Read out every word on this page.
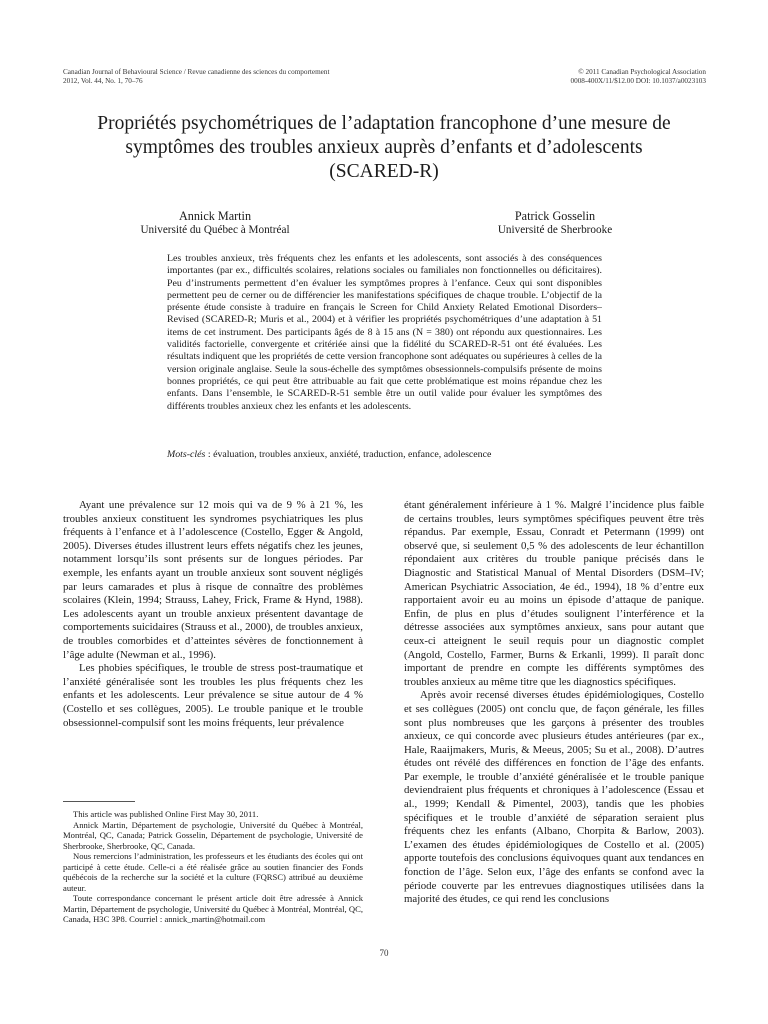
Canadian Journal of Behavioural Science / Revue canadienne des sciences du comportement
2012, Vol. 44, No. 1, 70–76
© 2011 Canadian Psychological Association
0008-400X/11/$12.00 DOI: 10.1037/a0023103
Propriétés psychométriques de l’adaptation francophone d’une mesure de
symptômes des troubles anxieux auprès d’enfants et d’adolescents
(SCARED-R)
Annick Martin
Université du Québec à Montréal
Patrick Gosselin
Université de Sherbrooke
Les troubles anxieux, très fréquents chez les enfants et les adolescents, sont associés à des conséquences importantes (par ex., difficultés scolaires, relations sociales ou familiales non fonctionnelles ou déficitaires). Peu d’instruments permettent d’en évaluer les symptômes propres à l’enfance. Ceux qui sont disponibles permettent peu de cerner ou de différencier les manifestations spécifiques de chaque trouble. L’objectif de la présente étude consiste à traduire en français le Screen for Child Anxiety Related Emotional Disorders–Revised (SCARED-R; Muris et al., 2004) et à vérifier les propriétés psychométriques d’une adaptation à 51 items de cet instrument. Des participants âgés de 8 à 15 ans (N = 380) ont répondu aux questionnaires. Les validités factorielle, convergente et critériée ainsi que la fidélité du SCARED-R-51 ont été évaluées. Les résultats indiquent que les propriétés de cette version francophone sont adéquates ou supérieures à celles de la version originale anglaise. Seule la sous-échelle des symptômes obsessionnels-compulsifs présente de moins bonnes propriétés, ce qui peut être attribuable au fait que cette problématique est moins répandue chez les enfants. Dans l’ensemble, le SCARED-R-51 semble être un outil valide pour évaluer les symptômes des différents troubles anxieux chez les enfants et les adolescents.
Mots-clés : évaluation, troubles anxieux, anxiété, traduction, enfance, adolescence

Ayant une prévalence sur 12 mois qui va de 9 % à 21 %, les troubles anxieux constituent les syndromes psychiatriques les plus fréquents à l’enfance et à l’adolescence (Costello, Egger & Angold, 2005). Diverses études illustrent leurs effets négatifs chez les jeunes, notamment lorsqu’ils sont présents sur de longues périodes. Par exemple, les enfants ayant un trouble anxieux sont souvent négligés par leurs camarades et plus à risque de connaître des problèmes scolaires (Klein, 1994; Strauss, Lahey, Frick, Frame & Hynd, 1988). Les adolescents ayant un trouble anxieux présentent davantage de comportements suicidaires (Strauss et al., 2000), de troubles anxieux, de troubles comorbides et d’atteintes sévères de fonctionnement à l’âge adulte (Newman et al., 1996).

Les phobies spécifiques, le trouble de stress post-traumatique et l’anxiété généralisée sont les troubles les plus fréquents chez les enfants et les adolescents. Leur prévalence se situe autour de 4 % (Costello et ses collègues, 2005). Le trouble panique et le trouble obsessionnel-compulsif sont les moins fréquents, leur prévalence

étant généralement inférieure à 1 %. Malgré l’incidence plus faible de certains troubles, leurs symptômes spécifiques peuvent être très répandus. Par exemple, Essau, Conradt et Petermann (1999) ont observé que, si seulement 0,5 % des adolescents de leur échantillon répondaient aux critères du trouble panique précisés dans le Diagnostic and Statistical Manual of Mental Disorders (DSM–IV; American Psychiatric Association, 4e éd., 1994), 18 % d’entre eux rapportaient avoir eu au moins un épisode d’attaque de panique. Enfin, de plus en plus d’études soulignent l’interférence et la détresse associées aux symptômes anxieux, sans pour autant que ceux-ci atteignent le seuil requis pour un diagnostic complet (Angold, Costello, Farmer, Burns & Erkanli, 1999). Il paraît donc important de prendre en compte les différents symptômes des troubles anxieux au même titre que les diagnostics spécifiques.

Après avoir recensé diverses études épidémiologiques, Costello et ses collègues (2005) ont conclu que, de façon générale, les filles sont plus nombreuses que les garçons à présenter des troubles anxieux, ce qui concorde avec plusieurs études antérieures (par ex., Hale, Raaijmakers, Muris, & Meeus, 2005; Su et al., 2008). D’autres études ont révélé des différences en fonction de l’âge des enfants. Par exemple, le trouble d’anxiété généralisée et le trouble panique deviendraient plus fréquents et chroniques à l’adolescence (Essau et al., 1999; Kendall & Pimentel, 2003), tandis que les phobies spécifiques et le trouble d’anxiété de séparation seraient plus fréquents chez les enfants (Albano, Chorpita & Barlow, 2003). L’examen des études épidémiologiques de Costello et al. (2005) apporte toutefois des conclusions équivoques quant aux tendances en fonction de l’âge. Selon eux, l’âge des enfants se confond avec la période couverte par les entrevues diagnostiques utilisées dans la majorité des études, ce qui rend les conclusions

This article was published Online First May 30, 2011.

Annick Martin, Département de psychologie, Université du Québec à Montréal, Montréal, QC, Canada; Patrick Gosselin, Département de psychologie, Université de Sherbrooke, Sherbrooke, QC, Canada.

Nous remercions l’administration, les professeurs et les étudiants des écoles qui ont participé à cette étude. Celle-ci a été réalisée grâce au soutien financier des Fonds québécois de la recherche sur la société et la culture (FQRSC) attribué au deuxième auteur.

Toute correspondance concernant le présent article doit être adressée à Annick Martin, Département de psychologie, Université du Québec à Montréal, Montréal, QC, Canada, H3C 3P8. Courriel : annick_martin@hotmail.com

70
